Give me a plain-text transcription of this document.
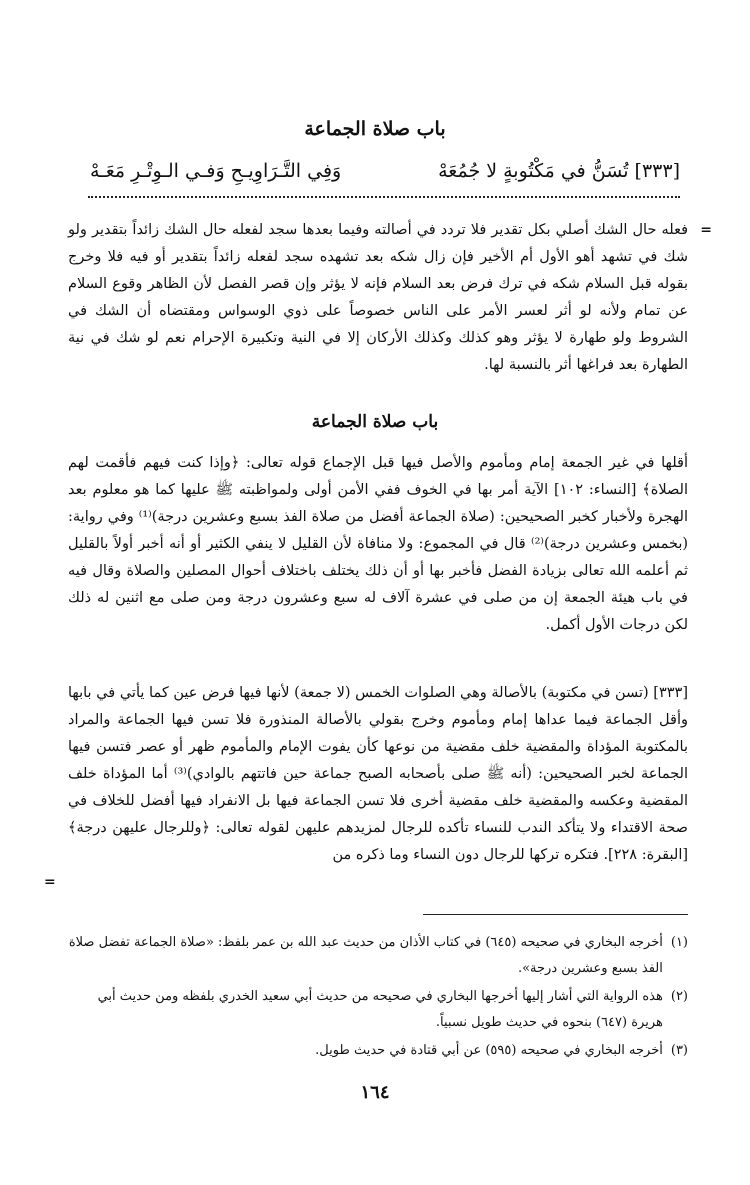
باب صلاة الجماعة
[٣٣٣] تُسَنُّ في مَكْتُوبةٍ لا جُمُعَهْ
وَفِي التَّـرَاوِيـحِ وَفـي الـوِتْـرِ مَعَـهْ
=

فعله حال الشك أصلي بكل تقدير فلا تردد في أصالته وفيما بعدها سجد لفعله حال الشك زائداً بتقدير ولو شك في تشهد أهو الأول أم الأخير فإن زال شكه بعد تشهده سجد لفعله زائداً بتقدير أو فيه فلا وخرج بقوله قبل السلام شكه في ترك فرض بعد السلام فإنه لا يؤثر وإن قصر الفصل لأن الظاهر وقوع السلام عن تمام ولأنه لو أثر لعسر الأمر على الناس خصوصاً على ذوي الوسواس ومقتضاه أن الشك في الشروط ولو طهارة لا يؤثر وهو كذلك وكذلك الأركان إلا في النية وتكبيرة الإحرام نعم لو شك في نية الطهارة بعد فراغها أثر بالنسبة لها.

باب صلاة الجماعة

أقلها في غير الجمعة إمام ومأموم والأصل فيها قبل الإجماع قوله تعالى: ﴿وإذا كنت فيهم فأقمت لهم الصلاة﴾ [النساء: ١٠٢] الآية أمر بها في الخوف ففي الأمن أولى ولمواظبته ﷺ عليها كما هو معلوم بعد الهجرة ولأخبار كخبر الصحيحين: (صلاة الجماعة أفضل من صلاة الفذ بسبع وعشرين درجة)⁽¹⁾ وفي رواية: (بخمس وعشرين درجة)⁽²⁾ قال في المجموع: ولا منافاة لأن القليل لا ينفي الكثير أو أنه أخبر أولاً بالقليل ثم أعلمه الله تعالى بزيادة الفضل فأخبر بها أو أن ذلك يختلف باختلاف أحوال المصلين والصلاة وقال فيه في باب هيئة الجمعة إن من صلى في عشرة آلاف له سبع وعشرون درجة ومن صلى مع اثنين له ذلك لكن درجات الأول أكمل.

[٣٣٣] (تسن في مكتوبة) بالأصالة وهي الصلوات الخمس (لا جمعة) لأنها فيها فرض عين كما يأتي في بابها وأقل الجماعة فيما عداها إمام ومأموم وخرج بقولي بالأصالة المنذورة فلا تسن فيها الجماعة والمراد بالمكتوبة المؤداة والمقضية خلف مقضية من نوعها كأن يفوت الإمام والمأموم ظهر أو عصر فتسن فيها الجماعة لخبر الصحيحين: (أنه ﷺ صلى بأصحابه الصبح جماعة حين فاتتهم بالوادي)⁽³⁾ أما المؤداة خلف المقضية وعكسه والمقضية خلف مقضية أخرى فلا تسن الجماعة فيها بل الانفراد فيها أفضل للخلاف في صحة الاقتداء ولا يتأكد الندب للنساء تأكده للرجال لمزيدهم عليهن لقوله تعالى: ﴿وللرجال عليهن درجة﴾ [البقرة: ٢٢٨]. فتكره تركها للرجال دون النساء وما ذكره من

=
(١)
أخرجه البخاري في صحيحه (٦٤٥) في كتاب الأذان من حديث عبد الله بن عمر بلفظ: «صلاة الجماعة تفضل صلاة الفذ بسبع وعشرين درجة».
(٢)
هذه الرواية التي أشار إليها أخرجها البخاري في صحيحه من حديث أبي سعيد الخدري بلفظه ومن حديث أبي هريرة (٦٤٧) بنحوه في حديث طويل نسبياً.
(٣)
أخرجه البخاري في صحيحه (٥٩٥) عن أبي قتادة في حديث طويل.
١٦٤
